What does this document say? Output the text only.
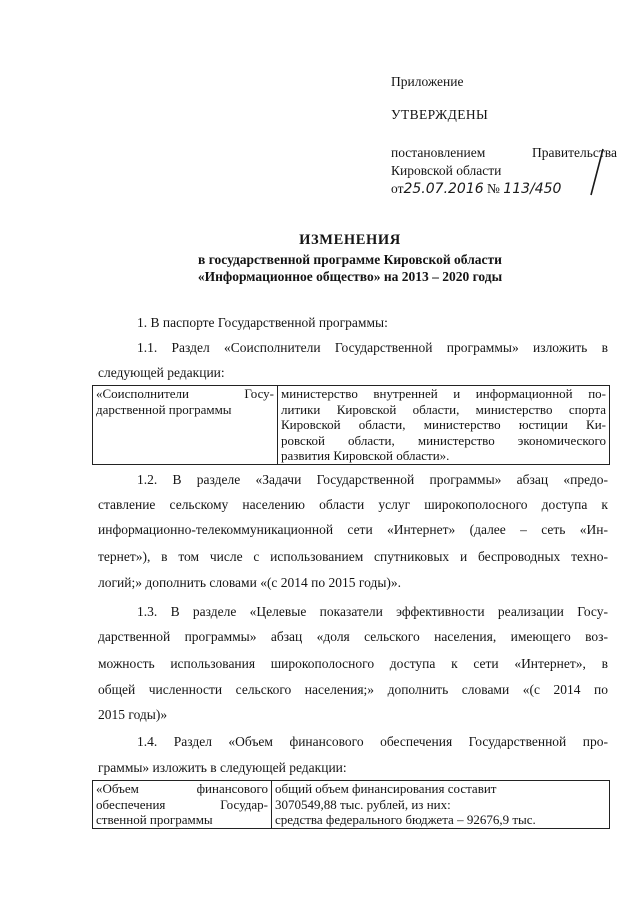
Приложение
УТВЕРЖДЕНЫ
постановлением	Правительства
Кировской области
от25.07.2016 № 113/450
ИЗМЕНЕНИЯ
в государственной программе Кировской области
«Информационное общество» на 2013 – 2020 годы
1. В паспорте Государственной программы:
1.1. Раздел «Соисполнители Государственной программы» изложить в
следующей редакции:
«Соисполнители Госу-
дарственной программы

министерство внутренней и информационной по-
литики Кировской области, министерство спорта
Кировской области, министерство юстиции Ки-
ровской области, министерство экономического
развития Кировской области».
1.2. В разделе «Задачи Государственной программы» абзац «предо-
ставление сельскому населению области услуг широкополосного доступа к
информационно-телекоммуникационной сети «Интернет» (далее – сеть «Ин-
тернет»), в том числе с использованием спутниковых и беспроводных техно-
логий;» дополнить словами «(с 2014 по 2015 годы)».
1.3. В разделе «Целевые показатели эффективности реализации Госу-
дарственной программы» абзац «доля сельского населения, имеющего воз-
можность использования широкополосного доступа к сети «Интернет», в
общей численности сельского населения;» дополнить словами «(с 2014 по
2015 годы)»
1.4. Раздел «Объем финансового обеспечения Государственной про-
граммы» изложить в следующей редакции:
«Объем финансового
обеспечения Государ-
ственной программы

общий объем финансирования составит
3070549,88 тыс. рублей, из них:
средства федерального бюджета – 92676,9 тыс.
